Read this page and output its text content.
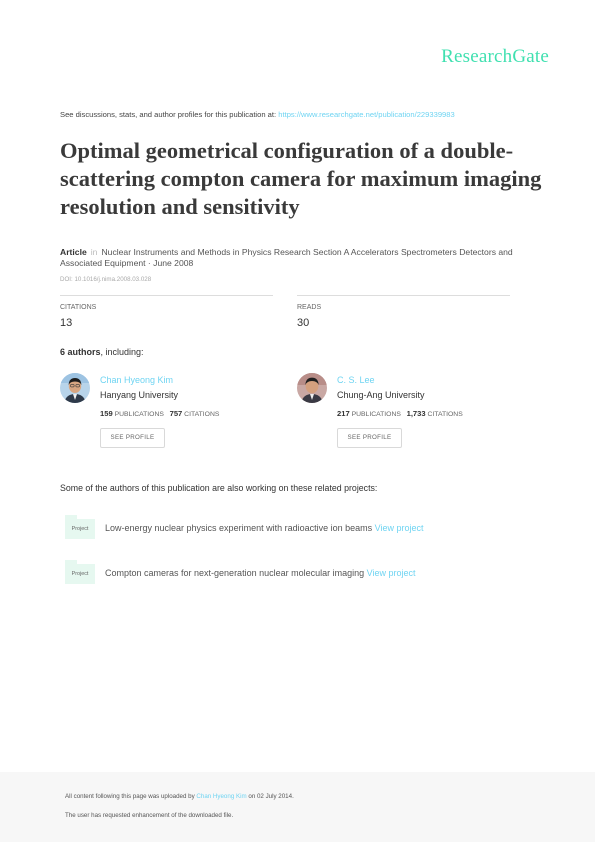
ResearchGate
See discussions, stats, and author profiles for this publication at: https://www.researchgate.net/publication/229339983
Optimal geometrical configuration of a double-scattering compton camera for maximum imaging resolution and sensitivity
Article in Nuclear Instruments and Methods in Physics Research Section A Accelerators Spectrometers Detectors and Associated Equipment · June 2008
DOI: 10.1016/j.nima.2008.03.028
CITATIONS
13
READS
30
6 authors, including:
Chan Hyeong Kim
Hanyang University
159 PUBLICATIONS 757 CITATIONS
SEE PROFILE
C. S. Lee
Chung-Ang University
217 PUBLICATIONS 1,733 CITATIONS
SEE PROFILE
Some of the authors of this publication are also working on these related projects:
Project	Low-energy nuclear physics experiment with radioactive ion beams View project
Project	Compton cameras for next-generation nuclear molecular imaging View project
All content following this page was uploaded by Chan Hyeong Kim on 02 July 2014.
The user has requested enhancement of the downloaded file.
